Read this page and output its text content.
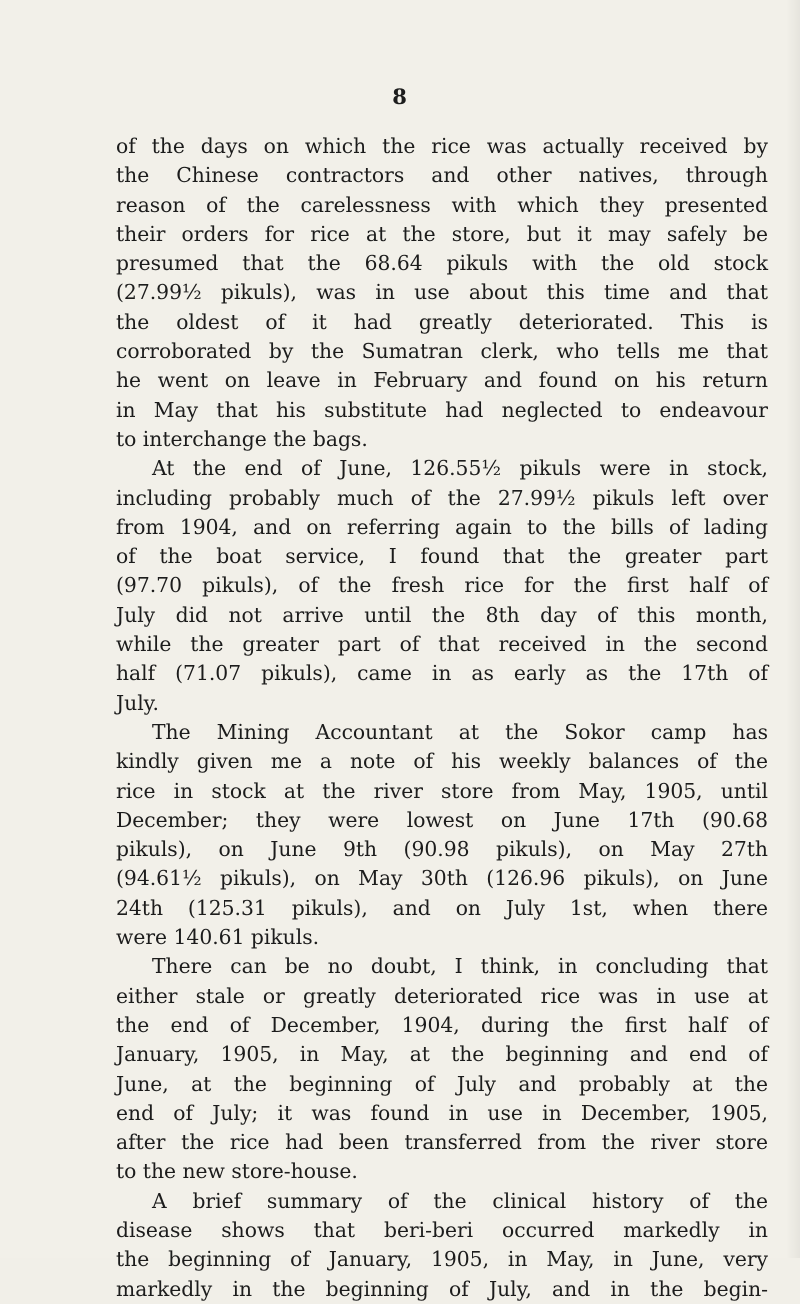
8
of the days on which the rice was actually received by
the Chinese contractors and other natives, through
reason of the carelessness with which they presented
their orders for rice at the store, but it may safely be
presumed that the 68.64 pikuls with the old stock
(27.99½ pikuls), was in use about this time and that
the oldest of it had greatly deteriorated. This is
corroborated by the Sumatran clerk, who tells me that
he went on leave in February and found on his return
in May that his substitute had neglected to endeavour
to interchange the bags.
At the end of June, 126.55½ pikuls were in stock,
including probably much of the 27.99½ pikuls left over
from 1904, and on referring again to the bills of lading
of the boat service, I found that the greater part
(97.70 pikuls), of the fresh rice for the first half of
July did not arrive until the 8th day of this month,
while the greater part of that received in the second
half (71.07 pikuls), came in as early as the 17th of
July.
The Mining Accountant at the Sokor camp has
kindly given me a note of his weekly balances of the
rice in stock at the river store from May, 1905, until
December; they were lowest on June 17th (90.68
pikuls), on June 9th (90.98 pikuls), on May 27th
(94.61½ pikuls), on May 30th (126.96 pikuls), on June
24th (125.31 pikuls), and on July 1st, when there
were 140.61 pikuls.
There can be no doubt, I think, in concluding that
either stale or greatly deteriorated rice was in use at
the end of December, 1904, during the first half of
January, 1905, in May, at the beginning and end of
June, at the beginning of July and probably at the
end of July; it was found in use in December, 1905,
after the rice had been transferred from the river store
to the new store-house.
A brief summary of the clinical history of the
disease shows that beri-beri occurred markedly in
the beginning of January, 1905, in May, in June, very
markedly in the beginning of July, and in the begin-
